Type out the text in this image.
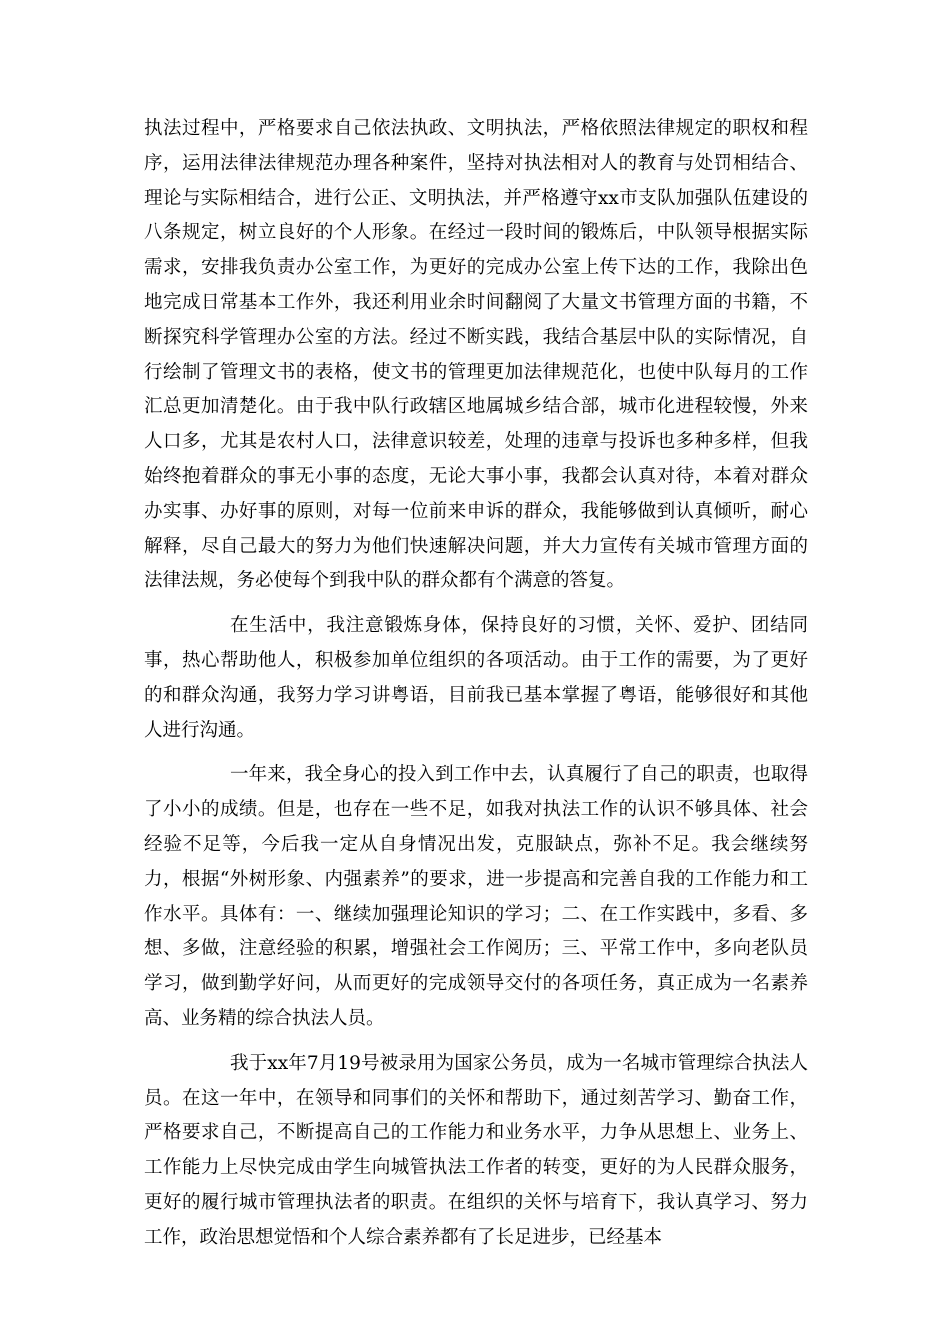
执法过程中，严格要求自己依法执政、文明执法，严格依照法律规定的职权和程序，运用法律法律规范办理各种案件，坚持对执法相对人的教育与处罚相结合、理论与实际相结合，进行公正、文明执法，并严格遵守xx市支队加强队伍建设的八条规定，树立良好的个人形象。在经过一段时间的锻炼后，中队领导根据实际需求，安排我负责办公室工作，为更好的完成办公室上传下达的工作，我除出色地完成日常基本工作外，我还利用业余时间翻阅了大量文书管理方面的书籍，不断探究科学管理办公室的方法。经过不断实践，我结合基层中队的实际情况，自行绘制了管理文书的表格，使文书的管理更加法律规范化，也使中队每月的工作汇总更加清楚化。由于我中队行政辖区地属城乡结合部，城市化进程较慢，外来人口多，尤其是农村人口，法律意识较差，处理的违章与投诉也多种多样，但我始终抱着群众的事无小事的态度，无论大事小事，我都会认真对待，本着对群众办实事、办好事的原则，对每一位前来申诉的群众，我能够做到认真倾听，耐心解释，尽自己最大的努力为他们快速解决问题，并大力宣传有关城市管理方面的法律法规，务必使每个到我中队的群众都有个满意的答复。

在生活中，我注意锻炼身体，保持良好的习惯，关怀、爱护、团结同事，热心帮助他人，积极参加单位组织的各项活动。由于工作的需要，为了更好的和群众沟通，我努力学习讲粤语，目前我已基本掌握了粤语，能够很好和其他人进行沟通。

一年来，我全身心的投入到工作中去，认真履行了自己的职责，也取得了小小的成绩。但是，也存在一些不足，如我对执法工作的认识不够具体、社会经验不足等，今后我一定从自身情况出发，克服缺点，弥补不足。我会继续努力，根据“外树形象、内强素养”的要求，进一步提高和完善自我的工作能力和工作水平。具体有：一、继续加强理论知识的学习；二、在工作实践中，多看、多想、多做，注意经验的积累，增强社会工作阅历；三、平常工作中，多向老队员学习，做到勤学好问，从而更好的完成领导交付的各项任务，真正成为一名素养高、业务精的综合执法人员。

我于xx年7月19号被录用为国家公务员，成为一名城市管理综合执法人员。在这一年中，在领导和同事们的关怀和帮助下，通过刻苦学习、勤奋工作，严格要求自己，不断提高自己的工作能力和业务水平，力争从思想上、业务上、工作能力上尽快完成由学生向城管执法工作者的转变，更好的为人民群众服务，更好的履行城市管理执法者的职责。在组织的关怀与培育下，我认真学习、努力工作，政治思想觉悟和个人综合素养都有了长足进步，已经基本
